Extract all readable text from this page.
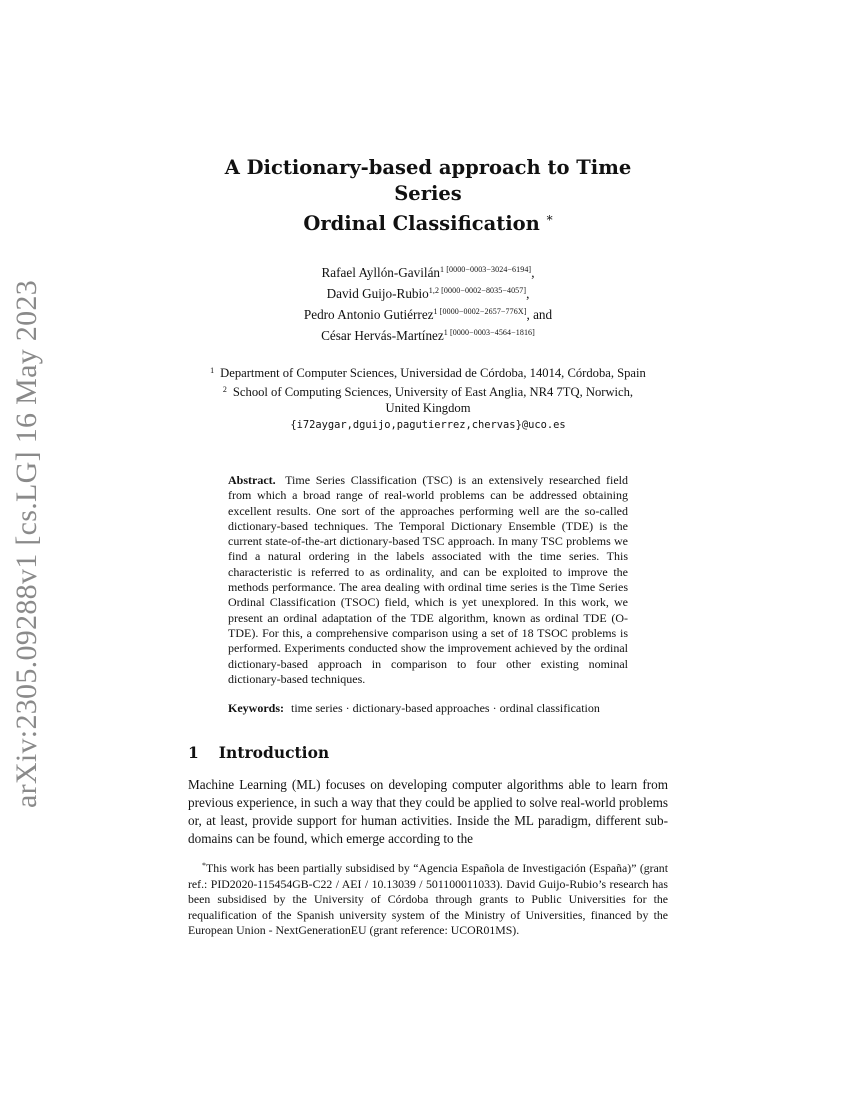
arXiv:2305.09288v1 [cs.LG] 16 May 2023
A Dictionary-based approach to Time Series
Ordinal Classification *
Rafael Ayllón-Gavilán$^{1 [0000-0003-3024-6194]}$,
David Guijo-Rubio$^{1,2 [0000-0002-8035-4057]}$,
Pedro Antonio Gutiérrez$^{1 [0000-0002-2657-776X]}$, and
César Hervás-Martínez$^{1 [0000-0003-4564-1816]}$
$^1$ Department of Computer Sciences, Universidad de Córdoba, 14014, Córdoba, Spain
$^2$ School of Computing Sciences, University of East Anglia, NR4 7TQ, Norwich,
United Kingdom
{i72aygar,dguijo,pagutierrez,chervas}@uco.es
Abstract. Time Series Classification (TSC) is an extensively researched field from which a broad range of real-world problems can be addressed obtaining excellent results. One sort of the approaches performing well are the so-called dictionary-based techniques. The Temporal Dictionary Ensemble (TDE) is the current state-of-the-art dictionary-based TSC approach. In many TSC problems we find a natural ordering in the labels associated with the time series. This characteristic is referred to as ordinality, and can be exploited to improve the methods performance. The area dealing with ordinal time series is the Time Series Ordinal Classification (TSOC) field, which is yet unexplored. In this work, we present an ordinal adaptation of the TDE algorithm, known as ordinal TDE (O-TDE). For this, a comprehensive comparison using a set of 18 TSOC problems is performed. Experiments conducted show the improvement achieved by the ordinal dictionary-based approach in comparison to four other existing nominal dictionary-based techniques.
Keywords: time series · dictionary-based approaches · ordinal classification
1 Introduction
Machine Learning (ML) focuses on developing computer algorithms able to learn from previous experience, in such a way that they could be applied to solve real-world problems or, at least, provide support for human activities. Inside the ML paradigm, different sub-domains can be found, which emerge according to the
*This work has been partially subsidised by “Agencia Española de Investigación (España)” (grant ref.: PID2020-115454GB-C22 / AEI / 10.13039 / 501100011033). David Guijo-Rubio’s research has been subsidised by the University of Córdoba through grants to Public Universities for the requalification of the Spanish university system of the Ministry of Universities, financed by the European Union - NextGenerationEU (grant reference: UCOR01MS).
